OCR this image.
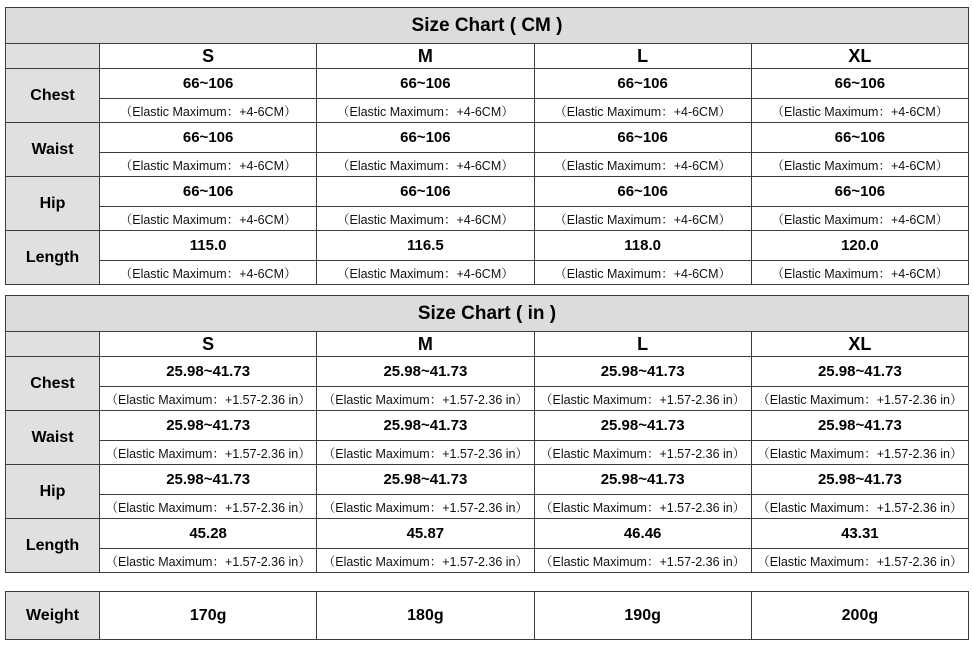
Size Chart ( CM )				
	S	M	L	XL
Chest	66~106	66~106	66~106	66~106
	（Elastic Maximum：+4-6CM）	（Elastic Maximum：+4-6CM）	（Elastic Maximum：+4-6CM）	（Elastic Maximum：+4-6CM）
Waist	66~106	66~106	66~106	66~106
	（Elastic Maximum：+4-6CM）	（Elastic Maximum：+4-6CM）	（Elastic Maximum：+4-6CM）	（Elastic Maximum：+4-6CM）
Hip	66~106	66~106	66~106	66~106
	（Elastic Maximum：+4-6CM）	（Elastic Maximum：+4-6CM）	（Elastic Maximum：+4-6CM）	（Elastic Maximum：+4-6CM）
Length	115.0	116.5	118.0	120.0
	（Elastic Maximum：+4-6CM）	（Elastic Maximum：+4-6CM）	（Elastic Maximum：+4-6CM）	（Elastic Maximum：+4-6CM）
Size Chart ( in )				
	S	M	L	XL
Chest	25.98~41.73	25.98~41.73	25.98~41.73	25.98~41.73
	（Elastic Maximum：+1.57-2.36 in）	（Elastic Maximum：+1.57-2.36 in）	（Elastic Maximum：+1.57-2.36 in）	（Elastic Maximum：+1.57-2.36 in）
Waist	25.98~41.73	25.98~41.73	25.98~41.73	25.98~41.73
	（Elastic Maximum：+1.57-2.36 in）	（Elastic Maximum：+1.57-2.36 in）	（Elastic Maximum：+1.57-2.36 in）	（Elastic Maximum：+1.57-2.36 in）
Hip	25.98~41.73	25.98~41.73	25.98~41.73	25.98~41.73
	（Elastic Maximum：+1.57-2.36 in）	（Elastic Maximum：+1.57-2.36 in）	（Elastic Maximum：+1.57-2.36 in）	（Elastic Maximum：+1.57-2.36 in）
Length	45.28	45.87	46.46	43.31
	（Elastic Maximum：+1.57-2.36 in）	（Elastic Maximum：+1.57-2.36 in）	（Elastic Maximum：+1.57-2.36 in）	（Elastic Maximum：+1.57-2.36 in）
Weight	170g	180g	190g	200g
